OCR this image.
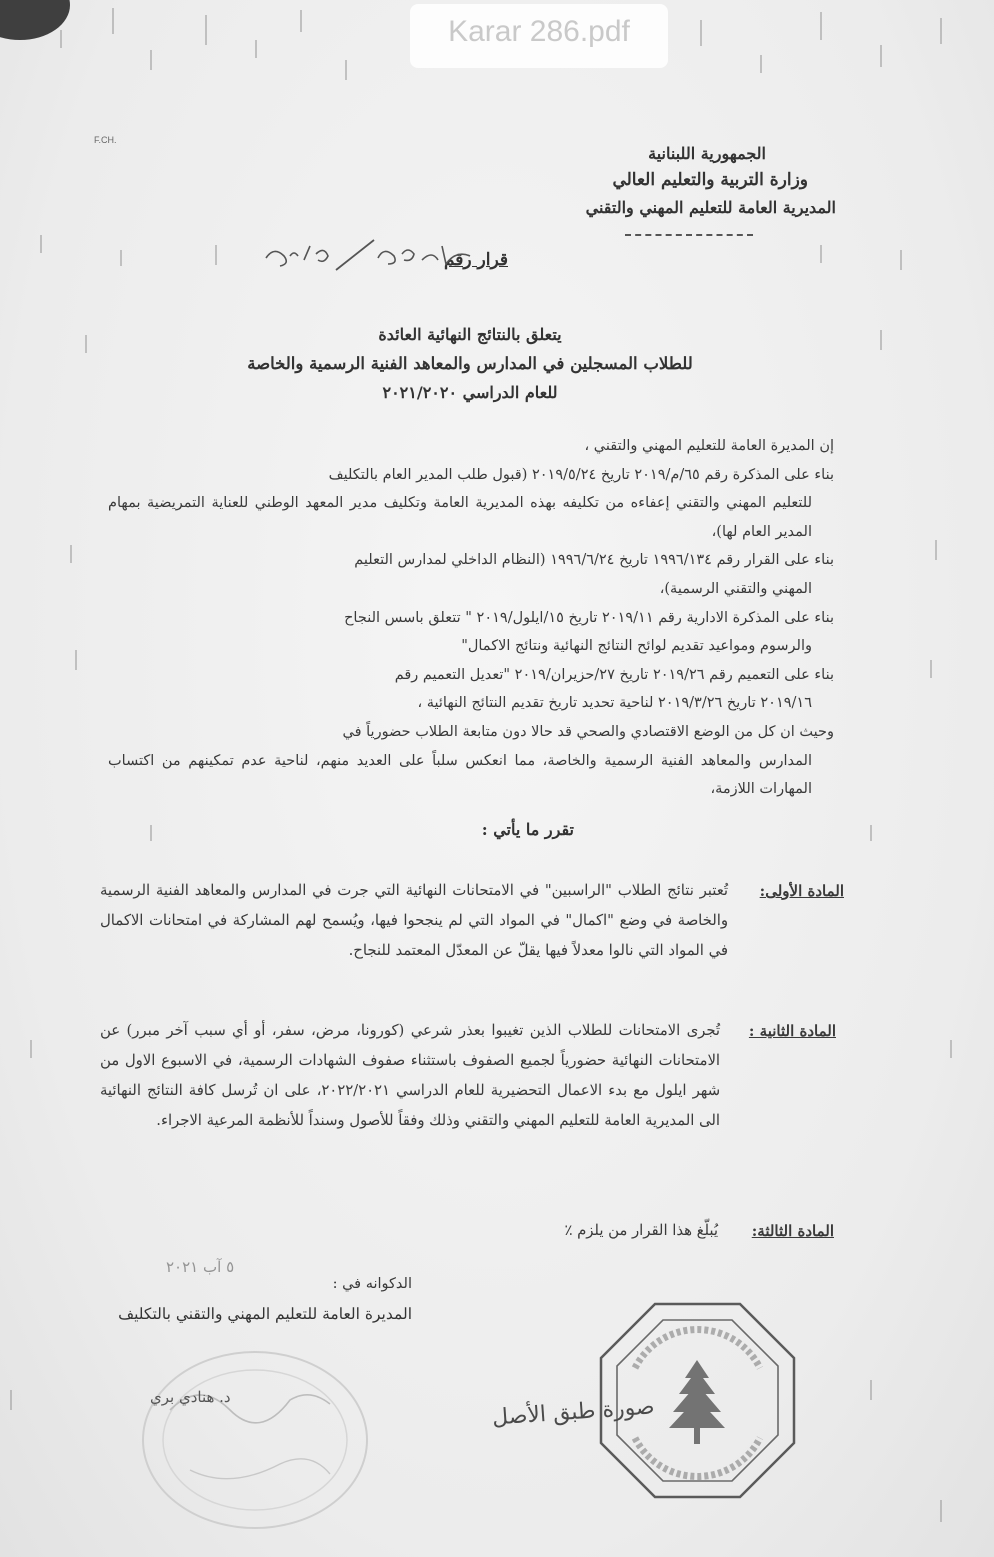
Karar 286.pdf
F.CH.
الجمهورية اللبنانية
وزارة التربية والتعليم العالي
المديرية العامة للتعليم المهني والتقني
قرار رقم
يتعلق بالنتائج النهائية العائدة
للطلاب المسجلين في المدارس والمعاهد الفنية الرسمية والخاصة
للعام الدراسي ٢٠٢١/٢٠٢٠

إن المديرة العامة للتعليم المهني والتقني ،

بناء على المذكرة رقم ٦٥/م/٢٠١٩ تاريخ ٢٠١٩/٥/٢٤ (قبول طلب المدير العام بالتكليف
للتعليم المهني والتقني إعفاءه من تكليفه بهذه المديرية العامة وتكليف مدير المعهد الوطني للعناية التمريضية بمهام المدير العام لها)،

بناء على القرار رقم ١٩٩٦/١٣٤ تاريخ ١٩٩٦/٦/٢٤ (النظام الداخلي لمدارس التعليم
المهني والتقني الرسمية)،

بناء على المذكرة الادارية رقم ٢٠١٩/١١ تاريخ ١٥/ايلول/٢٠١٩ " تتعلق باسس النجاح
والرسوم ومواعيد تقديم لوائح النتائج النهائية ونتائج الاكمال"

بناء على التعميم رقم ٢٠١٩/٢٦ تاريخ ٢٧/حزيران/٢٠١٩ "تعديل التعميم رقم
٢٠١٩/١٦ تاريخ ٢٠١٩/٣/٢٦ لناحية تحديد تاريخ تقديم النتائج النهائية ،

وحيث ان كل من الوضع الاقتصادي والصحي قد حالا دون متابعة الطلاب حضورياً في
المدارس والمعاهد الفنية الرسمية والخاصة، مما انعكس سلباً على العديد منهم، لناحية عدم تمكينهم من اكتساب المهارات اللازمة،

تقرر ما يأتي :
المادة الأولى:
تُعتبر نتائج الطلاب "الراسبين" في الامتحانات النهائية التي جرت في المدارس والمعاهد الفنية الرسمية والخاصة في وضع "اكمال" في المواد التي لم ينجحوا فيها، ويُسمح لهم المشاركة في امتحانات الاكمال في المواد التي نالوا معدلاً فيها يقلّ عن المعدّل المعتمد للنجاح.
المادة الثانية :
تُجرى الامتحانات للطلاب الذين تغيبوا بعذر شرعي (كورونا، مرض، سفر، أو أي سبب آخر مبرر) عن الامتحانات النهائية حضورياً لجميع الصفوف باستثناء صفوف الشهادات الرسمية، في الاسبوع الاول من شهر ايلول مع بدء الاعمال التحضيرية للعام الدراسي ٢٠٢٢/٢٠٢١، على ان تُرسل كافة النتائج النهائية الى المديرية العامة للتعليم المهني والتقني وذلك وفقاً للأصول وسنداً للأنظمة المرعية الاجراء.
المادة الثالثة:
يُبلّغ هذا القرار من يلزم ٪
الدكوانه في :
٥ آب ٢٠٢١
المديرة العامة للتعليم المهني والتقني بالتكليف
د. هنادي بري	صورة طبق الأصل
